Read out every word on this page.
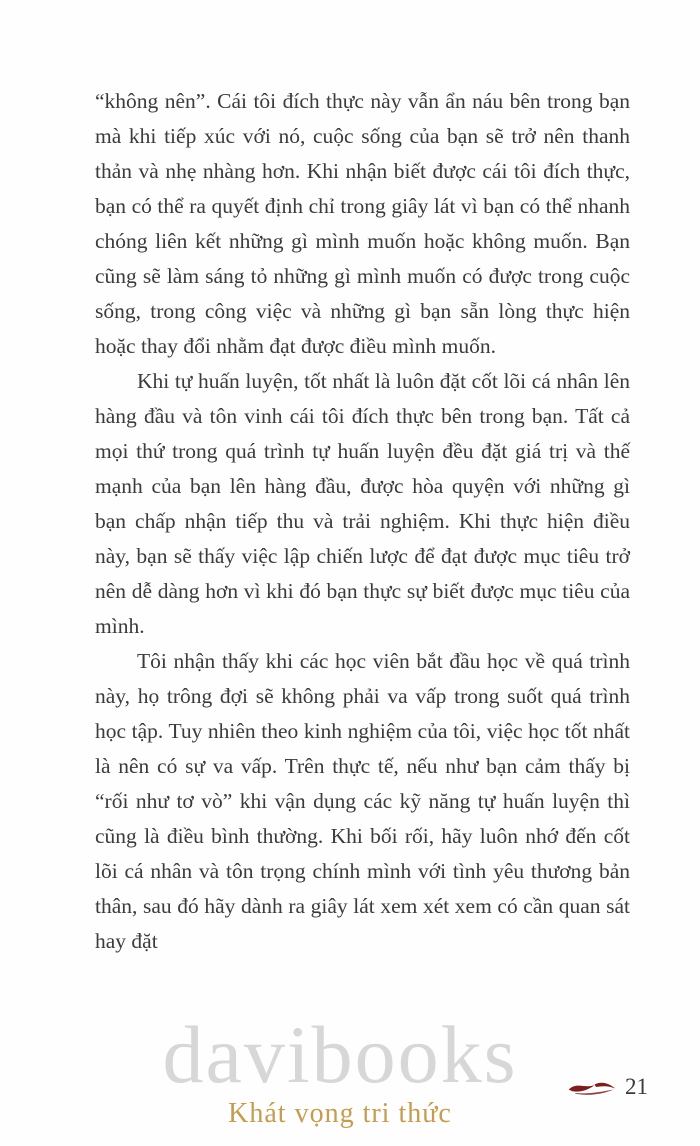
“không nên”. Cái tôi đích thực này vẫn ẩn náu bên trong bạn mà khi tiếp xúc với nó, cuộc sống của bạn sẽ trở nên thanh thản và nhẹ nhàng hơn. Khi nhận biết được cái tôi đích thực, bạn có thể ra quyết định chỉ trong giây lát vì bạn có thể nhanh chóng liên kết những gì mình muốn hoặc không muốn. Bạn cũng sẽ làm sáng tỏ những gì mình muốn có được trong cuộc sống, trong công việc và những gì bạn sẵn lòng thực hiện hoặc thay đổi nhằm đạt được điều mình muốn.

Khi tự huấn luyện, tốt nhất là luôn đặt cốt lõi cá nhân lên hàng đầu và tôn vinh cái tôi đích thực bên trong bạn. Tất cả mọi thứ trong quá trình tự huấn luyện đều đặt giá trị và thế mạnh của bạn lên hàng đầu, được hòa quyện với những gì bạn chấp nhận tiếp thu và trải nghiệm. Khi thực hiện điều này, bạn sẽ thấy việc lập chiến lược để đạt được mục tiêu trở nên dễ dàng hơn vì khi đó bạn thực sự biết được mục tiêu của mình.

Tôi nhận thấy khi các học viên bắt đầu học về quá trình này, họ trông đợi sẽ không phải va vấp trong suốt quá trình học tập. Tuy nhiên theo kinh nghiệm của tôi, việc học tốt nhất là nên có sự va vấp. Trên thực tế, nếu như bạn cảm thấy bị “rối như tơ vò” khi vận dụng các kỹ năng tự huấn luyện thì cũng là điều bình thường. Khi bối rối, hãy luôn nhớ đến cốt lõi cá nhân và tôn trọng chính mình với tình yêu thương bản thân, sau đó hãy dành ra giây lát xem xét xem có cần quan sát hay đặt

davibooks
Khát vọng tri thức
21
